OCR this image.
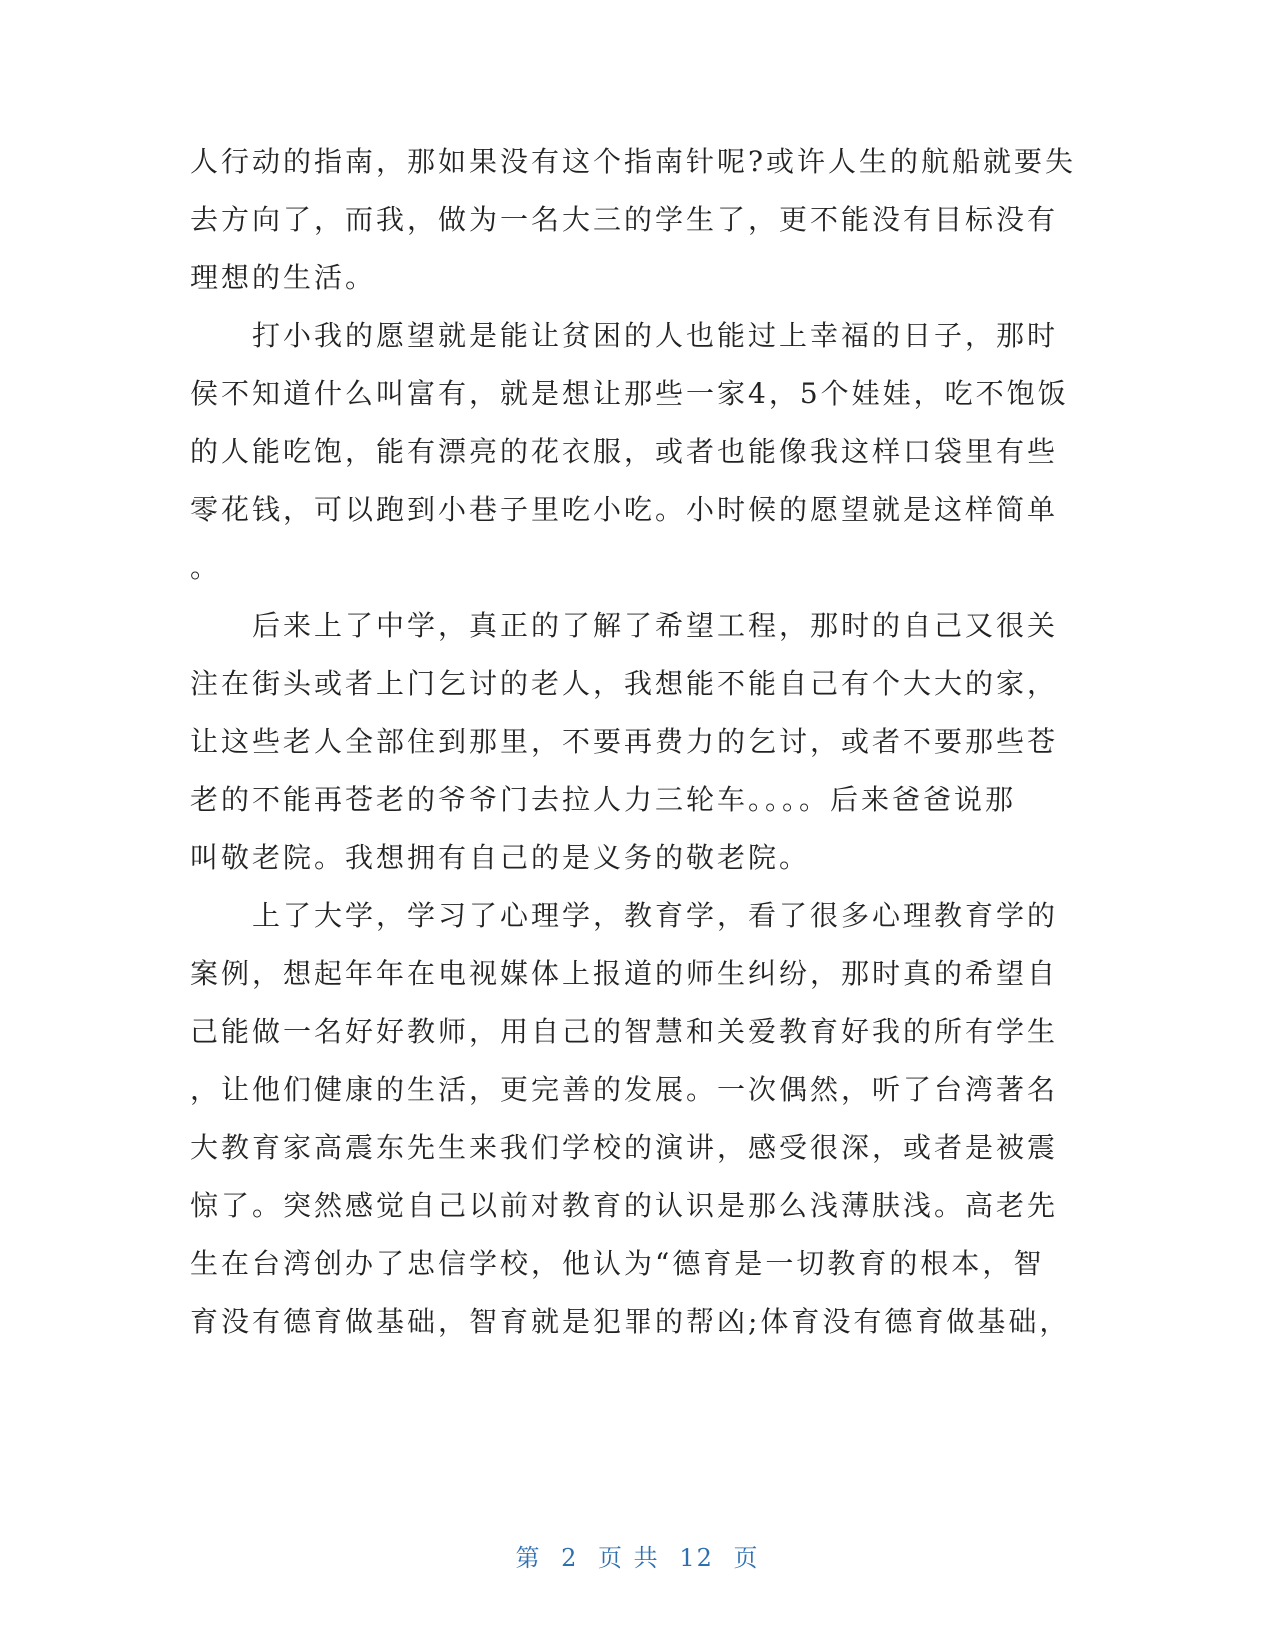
人行动的指南，那如果没有这个指南针呢?或许人生的航船就要失
去方向了，而我，做为一名大三的学生了，更不能没有目标没有
理想的生活。
　　打小我的愿望就是能让贫困的人也能过上幸福的日子，那时
侯不知道什么叫富有，就是想让那些一家4，5个娃娃，吃不饱饭
的人能吃饱，能有漂亮的花衣服，或者也能像我这样口袋里有些
零花钱，可以跑到小巷子里吃小吃。小时候的愿望就是这样简单
。
　　后来上了中学，真正的了解了希望工程，那时的自己又很关
注在街头或者上门乞讨的老人，我想能不能自己有个大大的家，
让这些老人全部住到那里，不要再费力的乞讨，或者不要那些苍
老的不能再苍老的爷爷门去拉人力三轮车。。。。后来爸爸说那
叫敬老院。我想拥有自己的是义务的敬老院。
　　上了大学，学习了心理学，教育学，看了很多心理教育学的
案例，想起年年在电视媒体上报道的师生纠纷，那时真的希望自
己能做一名好好教师，用自己的智慧和关爱教育好我的所有学生
，让他们健康的生活，更完善的发展。一次偶然，听了台湾著名
大教育家高震东先生来我们学校的演讲，感受很深，或者是被震
惊了。突然感觉自己以前对教育的认识是那么浅薄肤浅。高老先
生在台湾创办了忠信学校，他认为“德育是一切教育的根本，智
育没有德育做基础，智育就是犯罪的帮凶;体育没有德育做基础，
第 2 页 共 12 页
